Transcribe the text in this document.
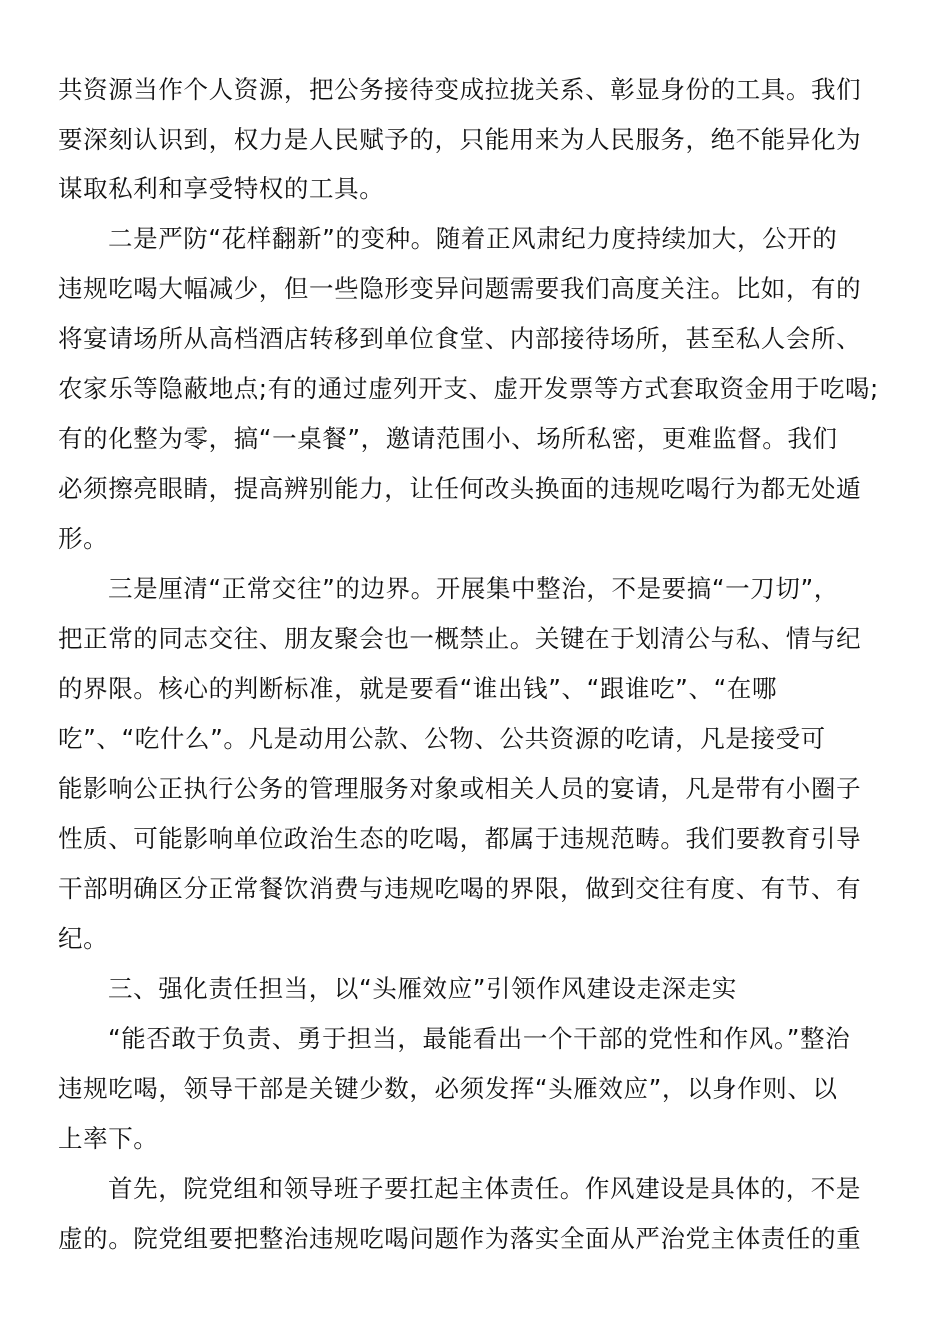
共资源当作个人资源，把公务接待变成拉拢关系、彰显身份的工具。我们
要深刻认识到，权力是人民赋予的，只能用来为人民服务，绝不能异化为
谋取私利和享受特权的工具。
二是严防“花样翻新”的变种。随着正风肃纪力度持续加大，公开的
违规吃喝大幅减少，但一些隐形变异问题需要我们高度关注。比如，有的
将宴请场所从高档酒店转移到单位食堂、内部接待场所，甚至私人会所、
农家乐等隐蔽地点;有的通过虚列开支、虚开发票等方式套取资金用于吃喝;
有的化整为零，搞“一桌餐”，邀请范围小、场所私密，更难监督。我们
必须擦亮眼睛，提高辨别能力，让任何改头换面的违规吃喝行为都无处遁
形。
三是厘清“正常交往”的边界。开展集中整治，不是要搞“一刀切”，
把正常的同志交往、朋友聚会也一概禁止。关键在于划清公与私、情与纪
的界限。核心的判断标准，就是要看“谁出钱”、“跟谁吃”、“在哪
吃”、“吃什么”。凡是动用公款、公物、公共资源的吃请，凡是接受可
能影响公正执行公务的管理服务对象或相关人员的宴请，凡是带有小圈子
性质、可能影响单位政治生态的吃喝，都属于违规范畴。我们要教育引导
干部明确区分正常餐饮消费与违规吃喝的界限，做到交往有度、有节、有
纪。
三、强化责任担当，以“头雁效应”引领作风建设走深走实
“能否敢于负责、勇于担当，最能看出一个干部的党性和作风。”整治
违规吃喝，领导干部是关键少数，必须发挥“头雁效应”，以身作则、以
上率下。
首先，院党组和领导班子要扛起主体责任。作风建设是具体的，不是
虚的。院党组要把整治违规吃喝问题作为落实全面从严治党主体责任的重
